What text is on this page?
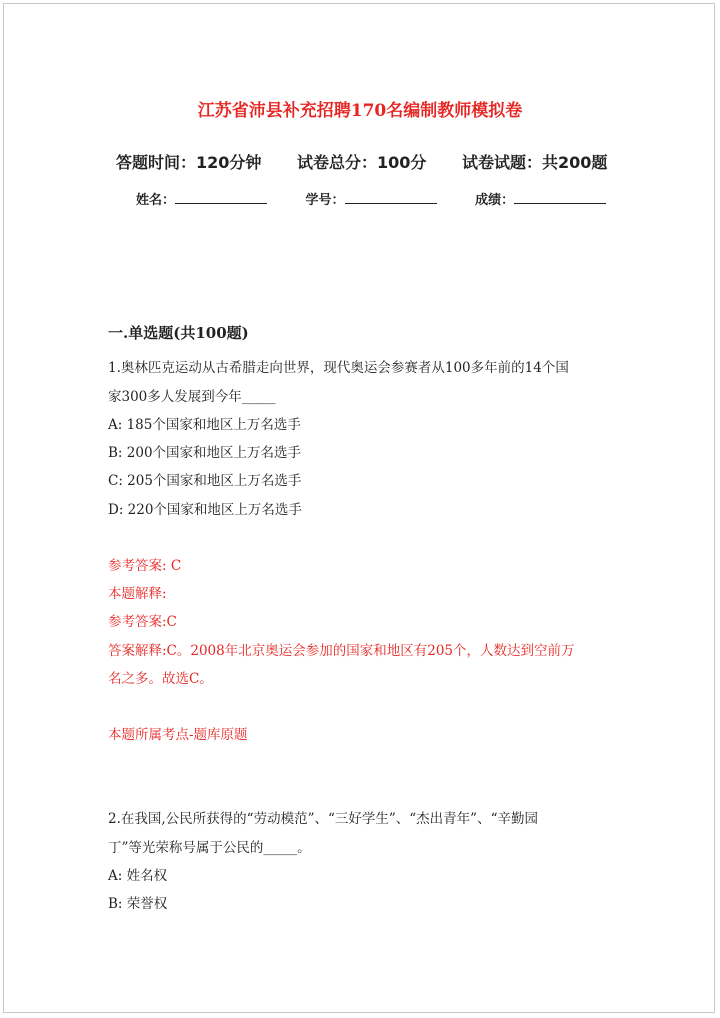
江苏省沛县补充招聘170名编制教师模拟卷
答题时间：120分钟 试卷总分：100分 试卷试题：共200题
姓名：	学号：	成绩：
一.单选题(共100题)
1.奥林匹克运动从古希腊走向世界，现代奥运会参赛者从100多年前的14个国
家300多人发展到今年_____
A: 185个国家和地区上万名选手
B: 200个国家和地区上万名选手
C: 205个国家和地区上万名选手
D: 220个国家和地区上万名选手
参考答案: C
本题解释:
参考答案:C
答案解释:C。2008年北京奥运会参加的国家和地区有205个，人数达到空前万
名之多。故选C。
本题所属考点-题库原题
2.在我国,公民所获得的“劳动模范”、“三好学生”、“杰出青年”、“辛勤园
丁”等光荣称号属于公民的_____。
A: 姓名权
B: 荣誉权
